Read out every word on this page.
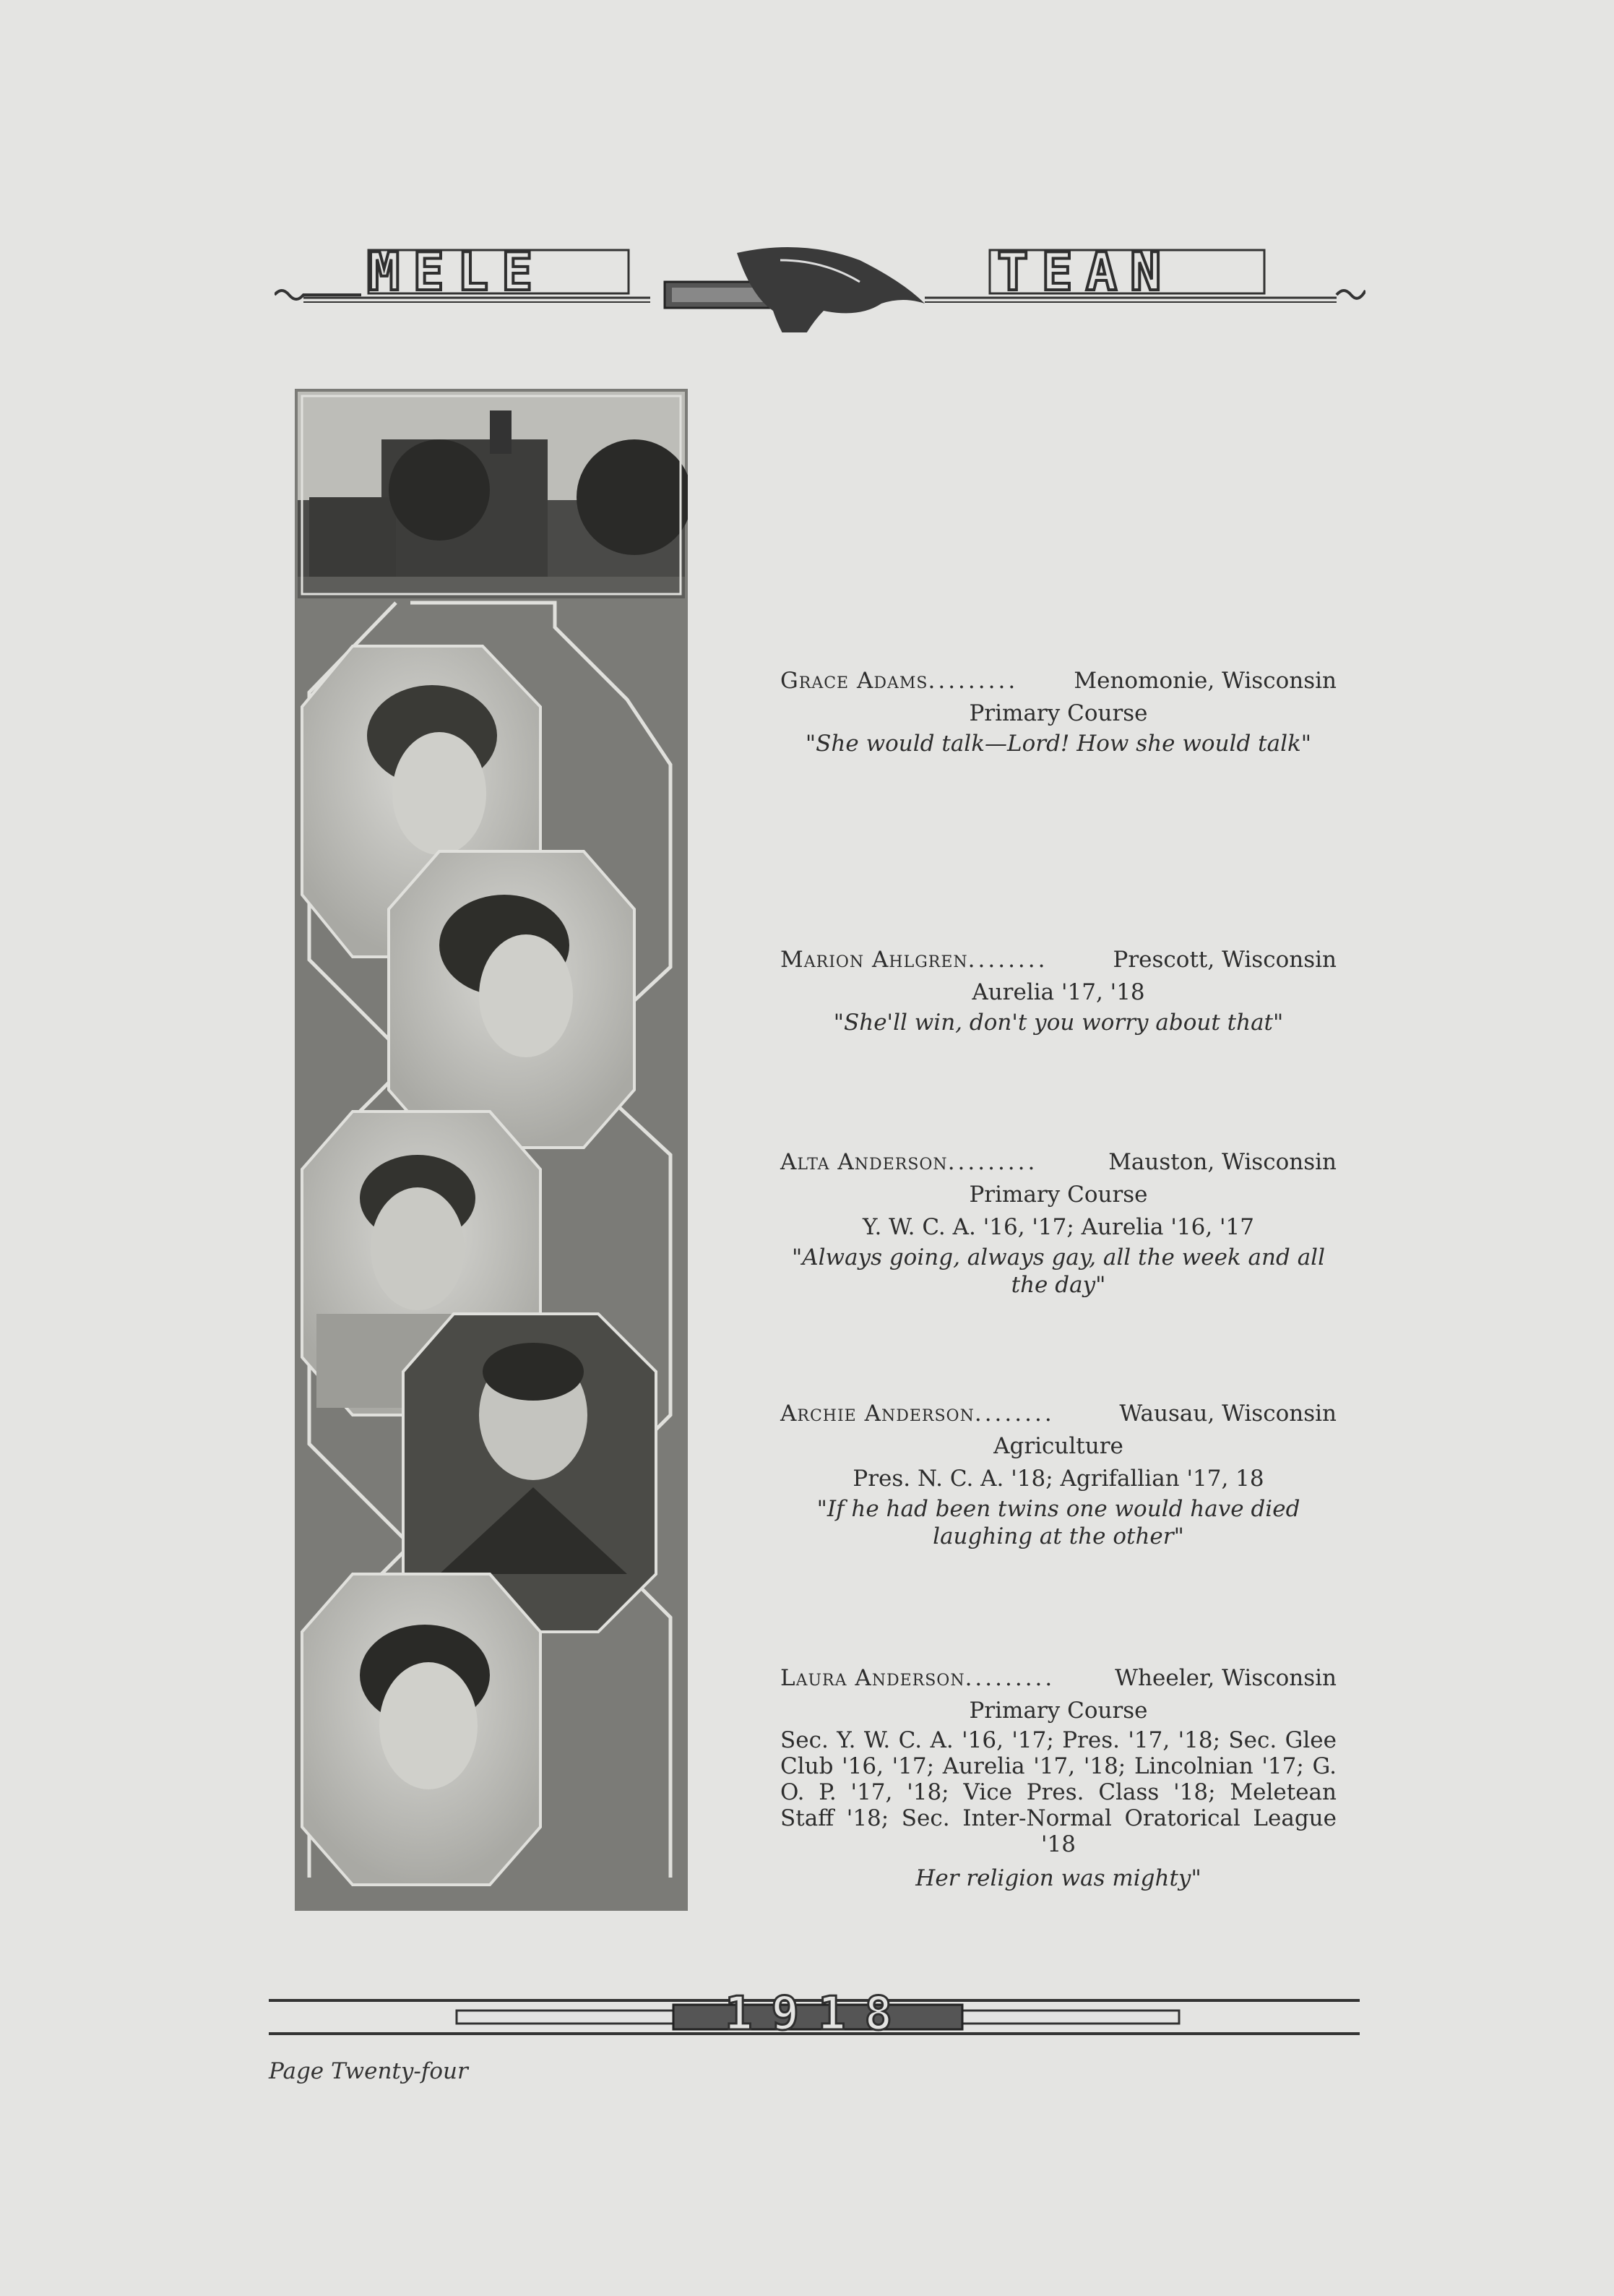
MELE	TEAN
Grace Adams .........	Menomonie, Wisconsin
Primary Course
"She would talk—Lord! How she would talk"
Marion Ahlgren ........	Prescott, Wisconsin
Aurelia '17, '18
"She'll win, don't you worry about that"
Alta Anderson .........	Mauston, Wisconsin
Primary Course
Y. W. C. A. '16, '17; Aurelia '16, '17
"Always going, always gay, all the week and all the day"
Archie Anderson ........	Wausau, Wisconsin
Agriculture
Pres. N. C. A. '18; Agrifallian '17, 18
"If he had been twins one would have died laughing at the other"
Laura Anderson .........	Wheeler, Wisconsin
Primary Course
Sec. Y. W. C. A. '16, '17; Pres. '17, '18; Sec. Glee Club '16, '17; Aurelia '17, '18; Lincolnian '17; G. O. P. '17, '18; Vice Pres. Class '18; Meletean Staff '18; Sec. Inter-Normal Oratorical League '18
Her religion was mighty"
1918
Page Twenty-four
